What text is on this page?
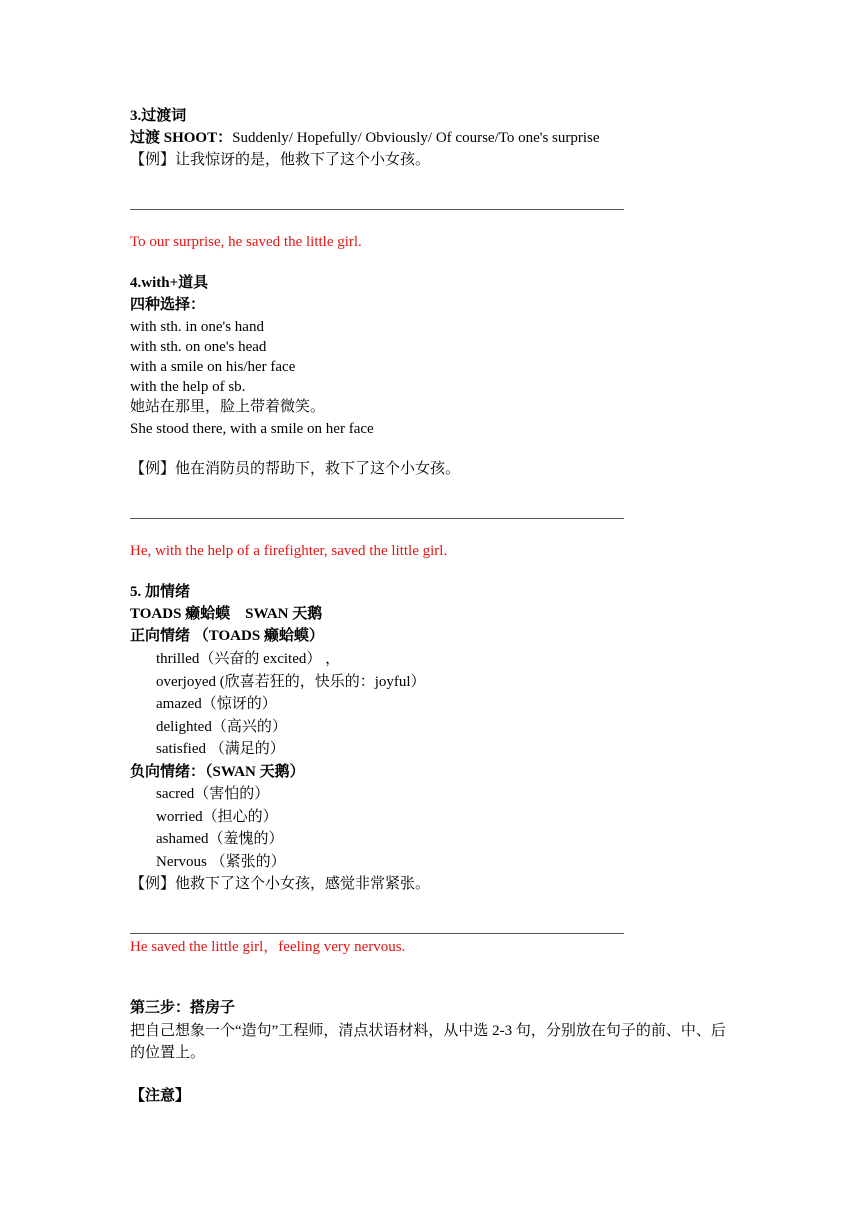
3.过渡词
过渡 SHOOT：Suddenly/ Hopefully/ Obviously/ Of course/To one's surprise
【例】让我惊讶的是，他救下了这个小女孩。
To our surprise, he saved the little girl.
4.with+道具
四种选择：
with sth. in one's hand
with sth. on one's head
with a smile on his/her face
with the help of sb.
她站在那里，脸上带着微笑。
She stood there, with a smile on her face
【例】他在消防员的帮助下，救下了这个小女孩。
He, with the help of a firefighter, saved the little girl.
5. 加情绪
TOADS 癞蛤蟆　SWAN 天鹅
正向情绪 （TOADS 癞蛤蟆）
thrilled（兴奋的 excited） ，
overjoyed (欣喜若狂的，快乐的：joyful）
amazed（惊讶的）
delighted（高兴的）
satisfied （满足的）
负向情绪：（SWAN 天鹅）
sacred（害怕的）
worried（担心的）
ashamed（羞愧的）
Nervous （紧张的）
【例】他救下了这个小女孩，感觉非常紧张。
He saved the little girl，feeling very nervous.
第三步：搭房子
把自己想象一个“造句”工程师，清点状语材料，从中选 2-3 句，分别放在句子的前、中、后的位置上。
【注意】
